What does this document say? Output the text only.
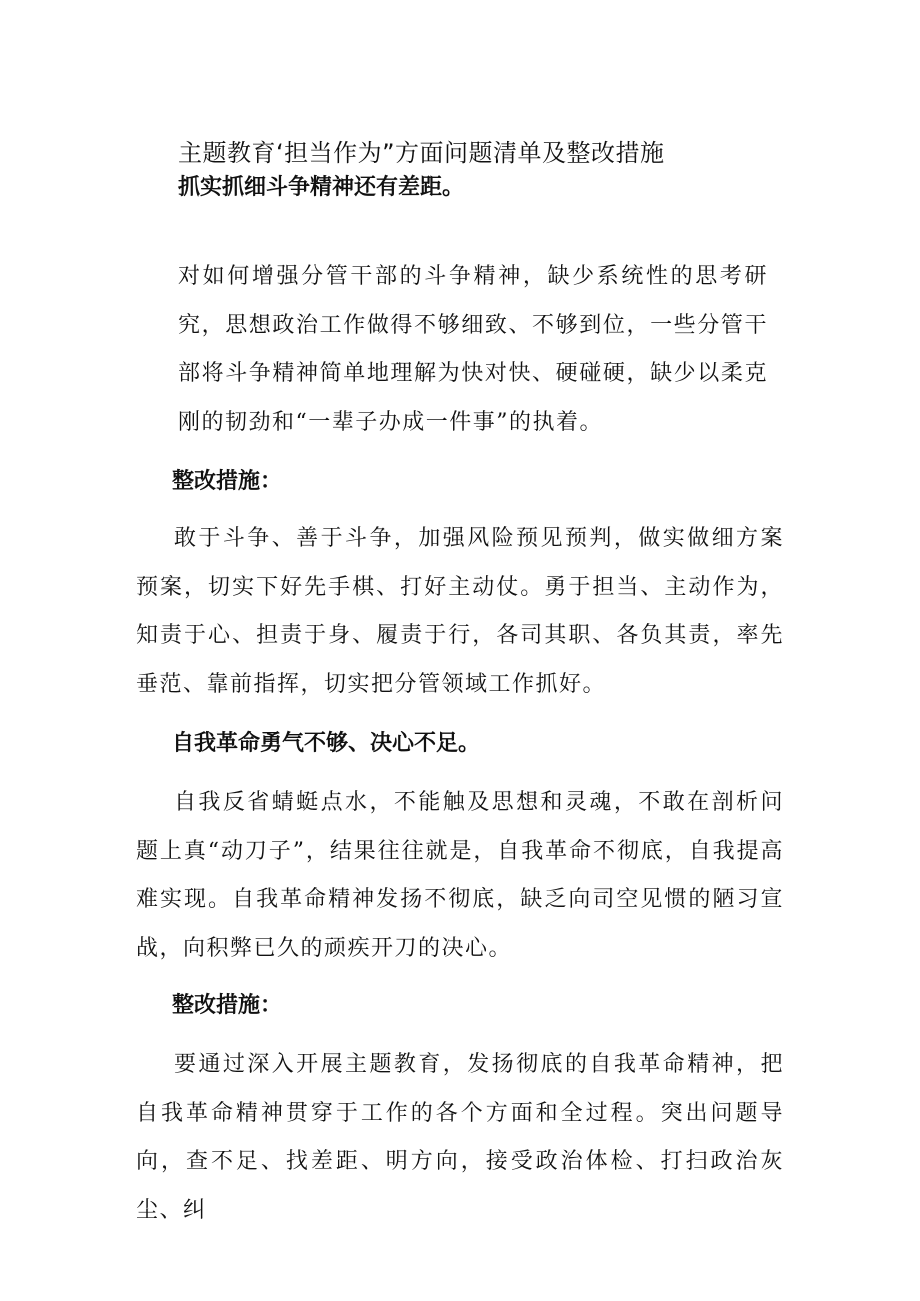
主题教育‘担当作为”方面问题清单及整改措施
抓实抓细斗争精神还有差距。
对如何增强分管干部的斗争精神，缺少系统性的思考研究，思想政治工作做得不够细致、不够到位，一些分管干部将斗争精神简单地理解为快对快、硬碰硬，缺少以柔克刚的韧劲和“一辈子办成一件事”的执着。
整改措施：
敢于斗争、善于斗争，加强风险预见预判，做实做细方案预案，切实下好先手棋、打好主动仗。勇于担当、主动作为，知责于心、担责于身、履责于行，各司其职、各负其责，率先垂范、靠前指挥，切实把分管领域工作抓好。
自我革命勇气不够、决心不足。
自我反省蜻蜓点水，不能触及思想和灵魂，不敢在剖析问题上真“动刀子”，结果往往就是，自我革命不彻底，自我提高难实现。自我革命精神发扬不彻底，缺乏向司空见惯的陋习宣战，向积弊已久的顽疾开刀的决心。
整改措施：
要通过深入开展主题教育，发扬彻底的自我革命精神，把自我革命精神贯穿于工作的各个方面和全过程。突出问题导向，查不足、找差距、明方向，接受政治体检、打扫政治灰尘、纠
